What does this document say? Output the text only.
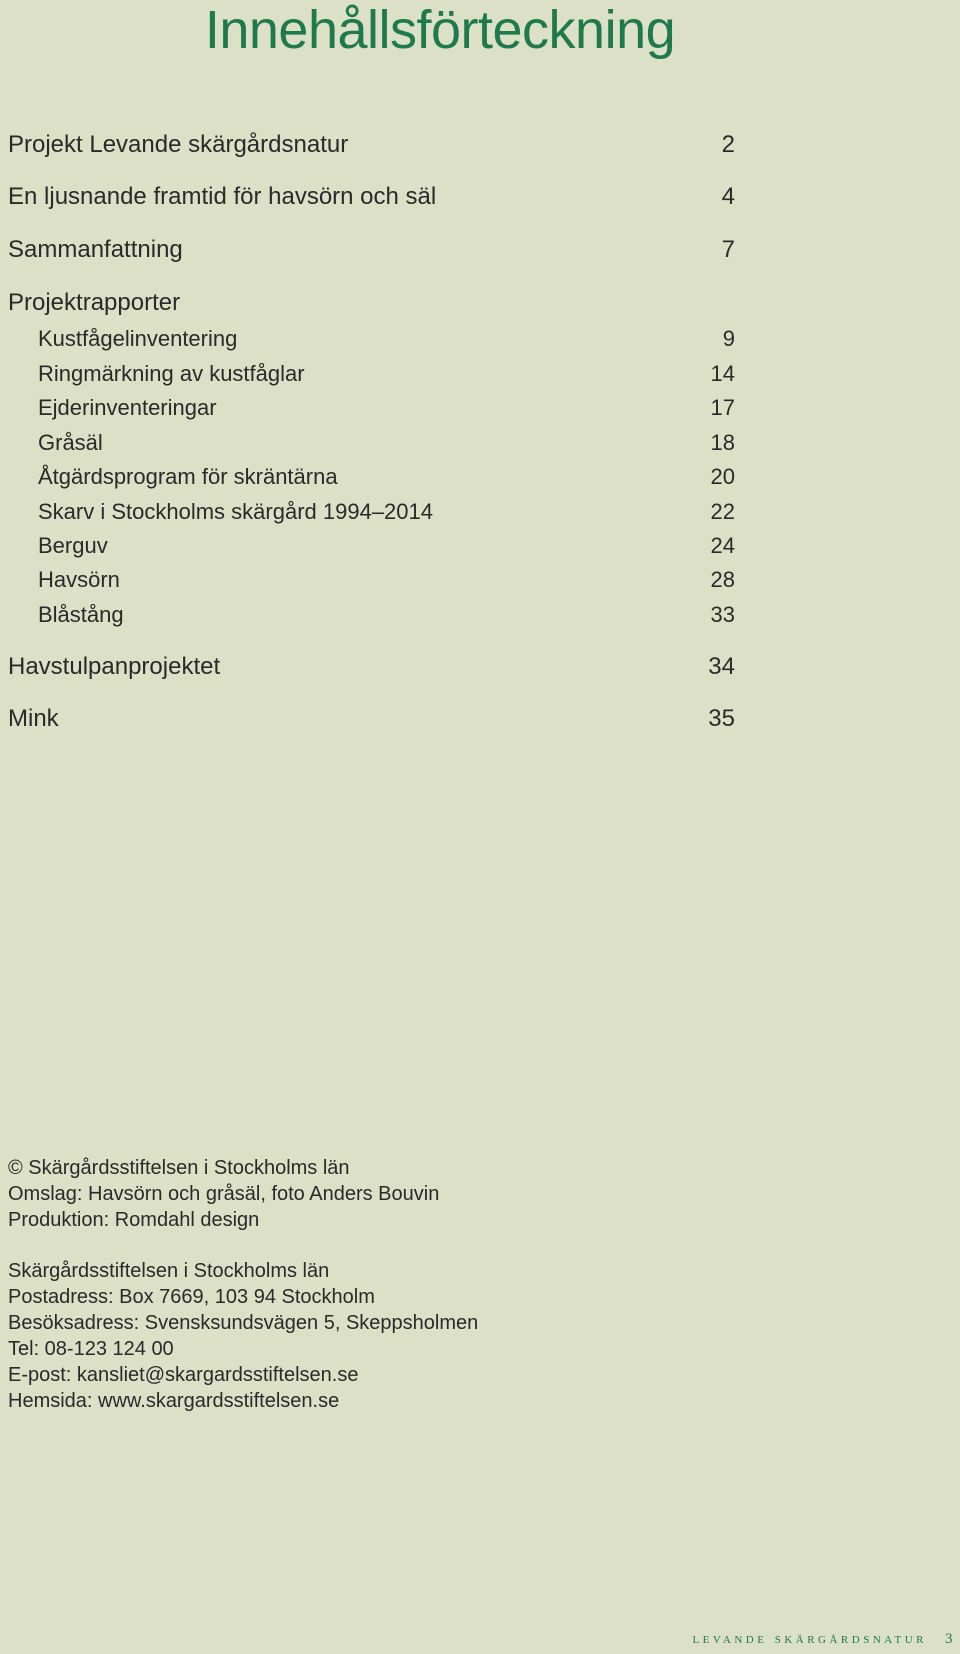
Innehållsförteckning
Projekt Levande skärgårdsnatur	2
En ljusnande framtid för havsörn och säl	4
Sammanfattning	7
Projektrapporter
Kustfågelinventering	9
Ringmärkning av kustfåglar	14
Ejderinventeringar	17
Gråsäl	18
Åtgärdsprogram för skräntärna	20
Skarv i Stockholms skärgård 1994–2014	22
Berguv	24
Havsörn	28
Blåstång	33
Havstulpanprojektet	34
Mink	35
© Skärgårdsstiftelsen i Stockholms län
Omslag: Havsörn och gråsäl, foto Anders Bouvin
Produktion: Romdahl design
Skärgårdsstiftelsen i Stockholms län
Postadress: Box 7669, 103 94 Stockholm
Besöksadress: Svensksundsvägen 5, Skeppsholmen
Tel: 08-123 124 00
E-post: kansliet@skargardsstiftelsen.se
Hemsida: www.skargardsstiftelsen.se
levande skärgårdsnatur 3
